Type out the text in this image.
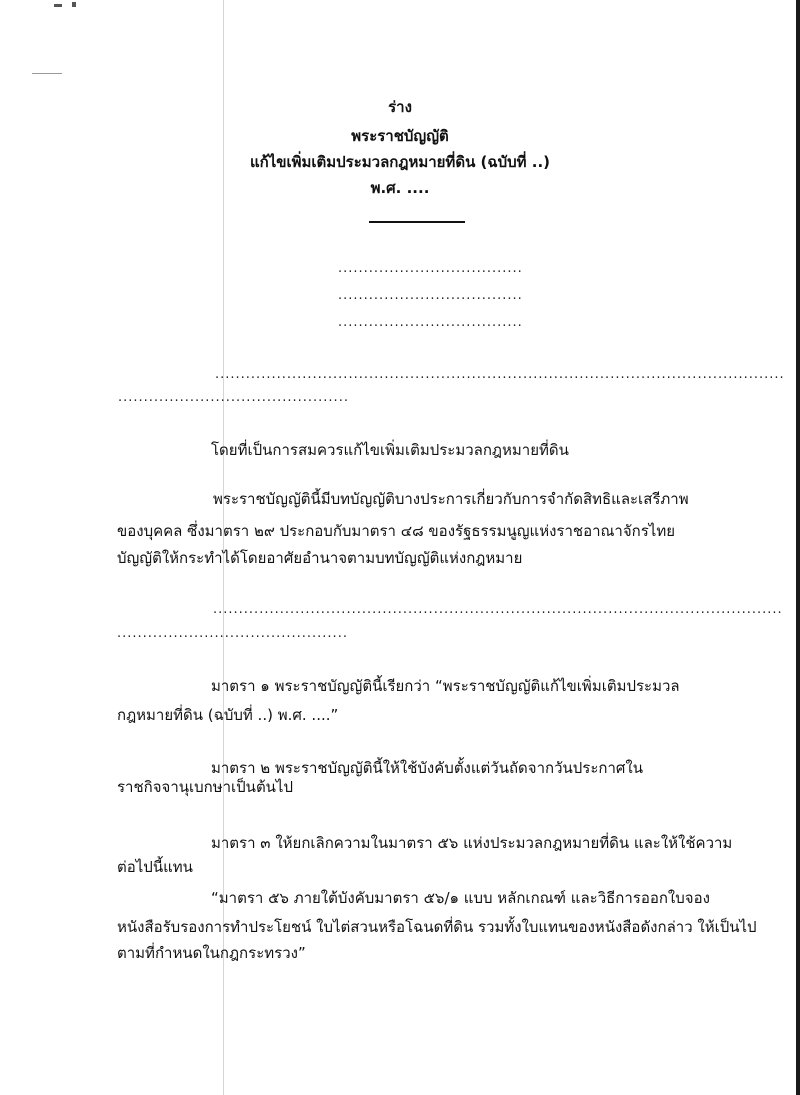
ร่าง
พระราชบัญญัติ
แก้ไขเพิ่มเติมประมวลกฎหมายที่ดิน (ฉบับที่ ..)
พ.ศ. ....
....................................
....................................
....................................
...............................................................................................................
.............................................
โดยที่เป็นการสมควรแก้ไขเพิ่มเติมประมวลกฎหมายที่ดิน
พระราชบัญญัตินี้มีบทบัญญัติบางประการเกี่ยวกับการจำกัดสิทธิและเสรีภาพ
ของบุคคล ซึ่งมาตรา ๒๙ ประกอบกับมาตรา ๔๘ ของรัฐธรรมนูญแห่งราชอาณาจักรไทย
บัญญัติให้กระทำได้โดยอาศัยอำนาจตามบทบัญญัติแห่งกฎหมาย
...............................................................................................................
.............................................
มาตรา ๑ พระราชบัญญัตินี้เรียกว่า “พระราชบัญญัติแก้ไขเพิ่มเติมประมวล
กฎหมายที่ดิน (ฉบับที่ ..) พ.ศ. ....”
มาตรา ๒ พระราชบัญญัตินี้ให้ใช้บังคับตั้งแต่วันถัดจากวันประกาศใน
ราชกิจจานุเบกษาเป็นต้นไป
มาตรา ๓ ให้ยกเลิกความในมาตรา ๕๖ แห่งประมวลกฎหมายที่ดิน และให้ใช้ความ
ต่อไปนี้แทน
“มาตรา ๕๖ ภายใต้บังคับมาตรา ๕๖/๑ แบบ หลักเกณฑ์ และวิธีการออกใบจอง
หนังสือรับรองการทำประโยชน์ ใบไต่สวนหรือโฉนดที่ดิน รวมทั้งใบแทนของหนังสือดังกล่าว ให้เป็นไป
ตามที่กำหนดในกฎกระทรวง”
